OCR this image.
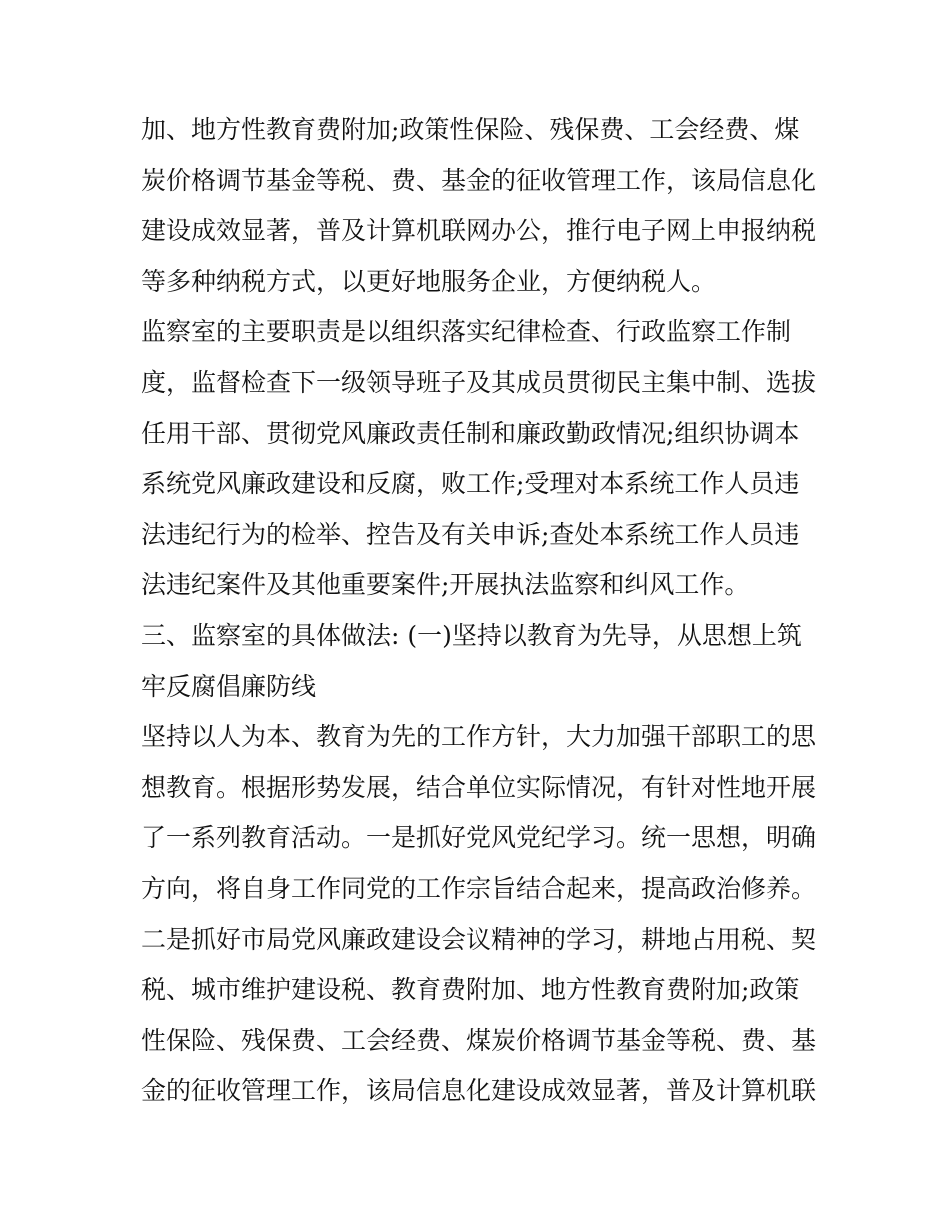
加、地方性教育费附加;政策性保险、残保费、工会经费、煤
炭价格调节基金等税、费、基金的征收管理工作，该局信息化
建设成效显著，普及计算机联网办公，推行电子网上申报纳税
等多种纳税方式，以更好地服务企业，方便纳税人。
监察室的主要职责是以组织落实纪律检查、行政监察工作制
度，监督检查下一级领导班子及其成员贯彻民主集中制、选拔
任用干部、贯彻党风廉政责任制和廉政勤政情况;组织协调本
系统党风廉政建设和反腐，败工作;受理对本系统工作人员违
法违纪行为的检举、控告及有关申诉;查处本系统工作人员违
法违纪案件及其他重要案件;开展执法监察和纠风工作。
三、监察室的具体做法: (一)坚持以教育为先导，从思想上筑
牢反腐倡廉防线
坚持以人为本、教育为先的工作方针，大力加强干部职工的思
想教育。根据形势发展，结合单位实际情况，有针对性地开展
了一系列教育活动。一是抓好党风党纪学习。统一思想，明确
方向，将自身工作同党的工作宗旨结合起来，提高政治修养。
二是抓好市局党风廉政建设会议精神的学习，耕地占用税、契
税、城市维护建设税、教育费附加、地方性教育费附加;政策
性保险、残保费、工会经费、煤炭价格调节基金等税、费、基
金的征收管理工作，该局信息化建设成效显著，普及计算机联
